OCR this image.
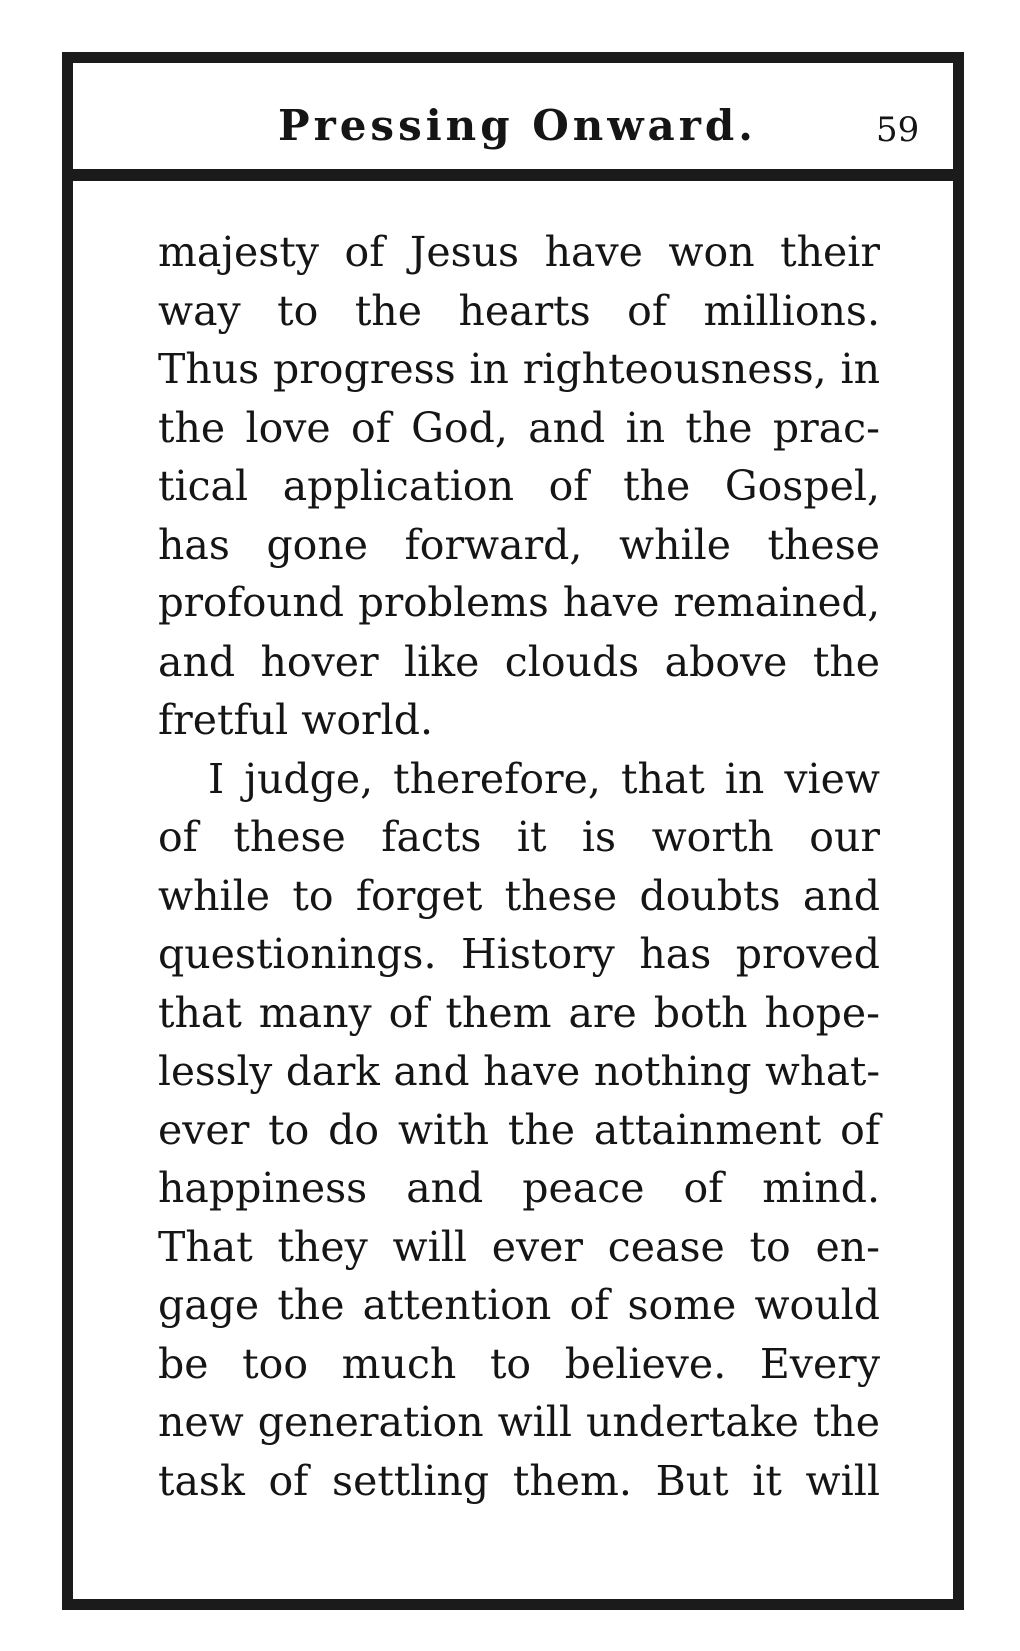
Pressing Onward.	59
majesty of Jesus have won their
way to the hearts of millions.
Thus progress in righteousness, in
the love of God, and in the prac-
tical application of the Gospel,
has gone forward, while these
profound problems have remained,
and hover like clouds above the
fretful world.
I judge, therefore, that in view
of these facts it is worth our
while to forget these doubts and
questionings. History has proved
that many of them are both hope-
lessly dark and have nothing what-
ever to do with the attainment of
happiness and peace of mind.
That they will ever cease to en-
gage the attention of some would
be too much to believe. Every
new generation will undertake the
task of settling them. But it will
